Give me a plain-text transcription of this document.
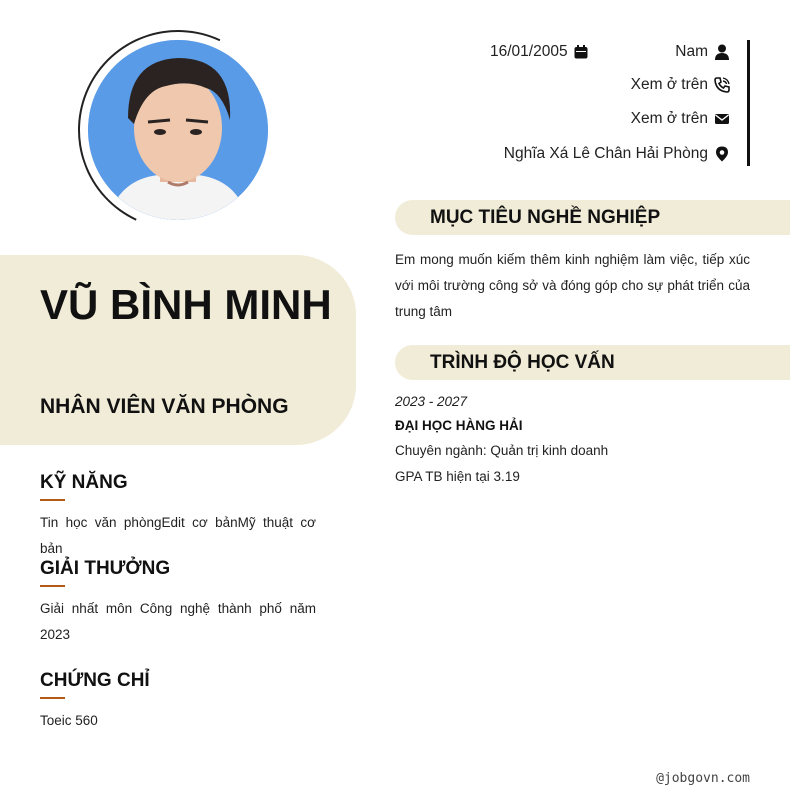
VŨ BÌNH MINH
NHÂN VIÊN VĂN PHÒNG
KỸ NĂNG
Tin học văn phòngEdit cơ bảnMỹ thuật cơ bản
GIẢI THƯỞNG
Giải nhất môn Công nghệ thành phố năm 2023
CHỨNG CHỈ
Toeic 560
16/01/2005	Nam
Xem ở trên
Xem ở trên
Nghĩa Xá Lê Chân Hải Phòng
MỤC TIÊU NGHỀ NGHIỆP
Em mong muốn kiếm thêm kinh nghiệm làm việc, tiếp xúc với môi trường công sở và đóng góp cho sự phát triển của trung tâm
TRÌNH ĐỘ HỌC VẤN
2023 - 2027
ĐẠI HỌC HÀNG HẢI
Chuyên ngành: Quản trị kinh doanh
GPA TB hiện tại 3.19
@jobgovn.com
